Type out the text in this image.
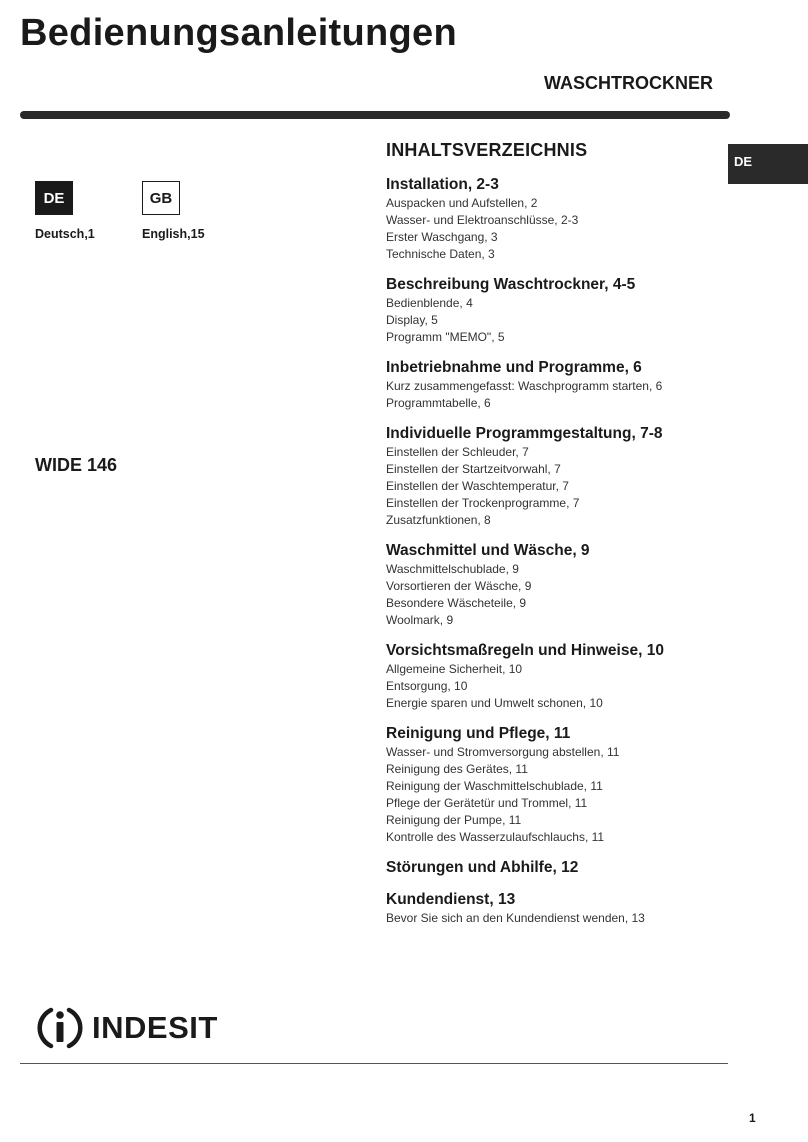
Bedienungsanleitungen
WASCHTROCKNER
DE
DE
Deutsch,1
GB
English,15
WIDE 146
INHALTSVERZEICHNIS
Installation, 2-3
Auspacken und Aufstellen, 2
Wasser- und Elektroanschlüsse, 2-3
Erster Waschgang, 3
Technische Daten, 3
Beschreibung Waschtrockner, 4-5
Bedienblende, 4
Display, 5
Programm "MEMO", 5
Inbetriebnahme und Programme, 6
Kurz zusammengefasst: Waschprogramm starten, 6
Programmtabelle, 6
Individuelle Programmgestaltung, 7-8
Einstellen der Schleuder, 7
Einstellen der Startzeitvorwahl, 7
Einstellen der Waschtemperatur, 7
Einstellen der Trockenprogramme, 7
Zusatzfunktionen, 8
Waschmittel und Wäsche, 9
Waschmittelschublade, 9
Vorsortieren der Wäsche, 9
Besondere Wäscheteile, 9
Woolmark, 9
Vorsichtsmaßregeln und Hinweise, 10
Allgemeine Sicherheit, 10
Entsorgung, 10
Energie sparen und Umwelt schonen, 10
Reinigung und Pflege, 11
Wasser- und Stromversorgung abstellen, 11
Reinigung des Gerätes, 11
Reinigung der Waschmittelschublade, 11
Pflege der Gerätetür und Trommel, 11
Reinigung der Pumpe, 11
Kontrolle des Wasserzulaufschlauchs, 11
Störungen und Abhilfe, 12
Kundendienst, 13
Bevor Sie sich an den Kundendienst wenden, 13
INDESIT
1
